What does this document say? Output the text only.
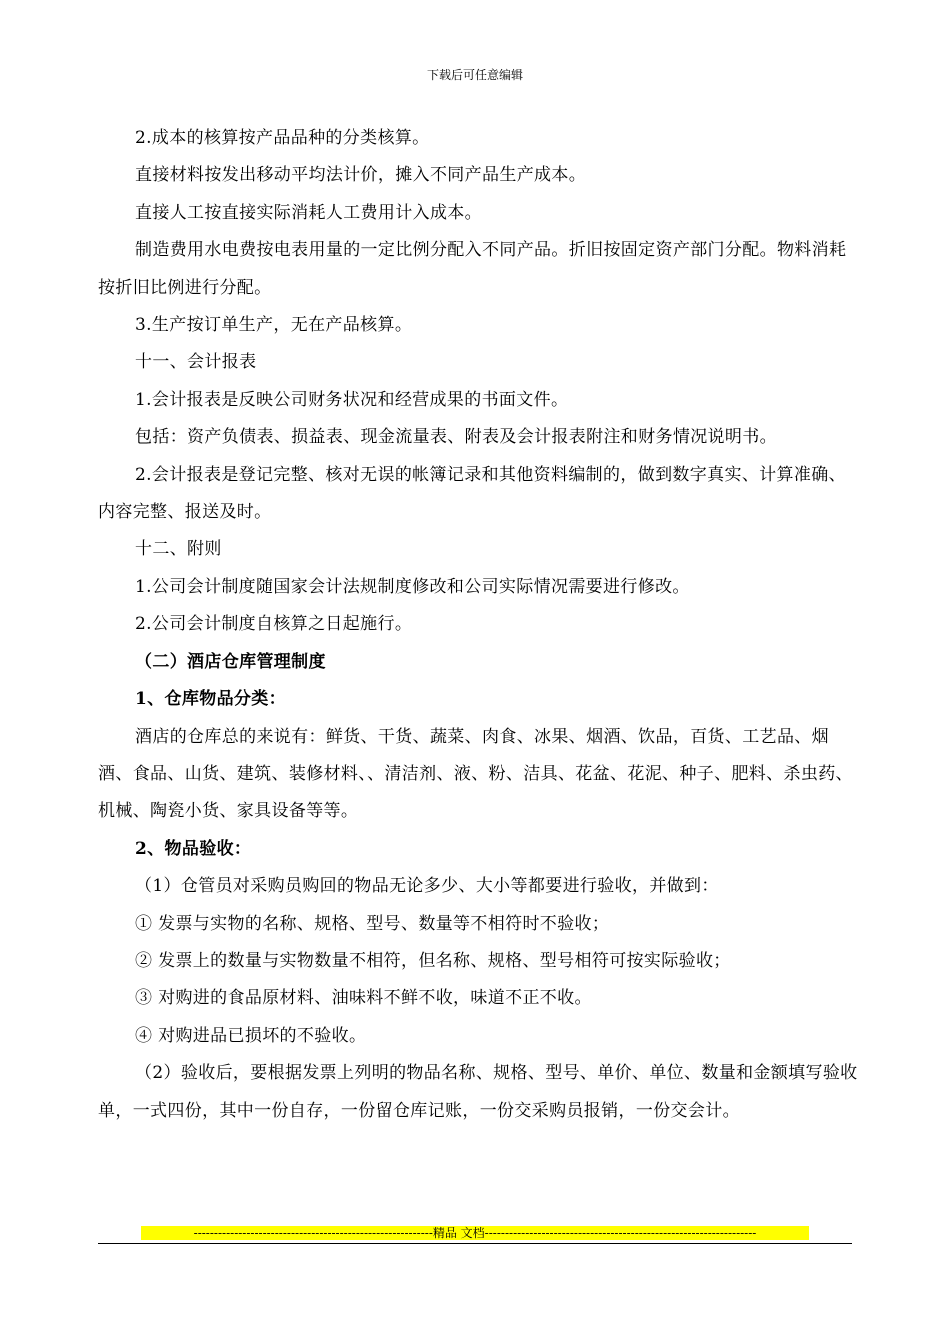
下载后可任意编辑

2.成本的核算按产品品种的分类核算。

直接材料按发出移动平均法计价，摊入不同产品生产成本。

直接人工按直接实际消耗人工费用计入成本。

制造费用水电费按电表用量的一定比例分配入不同产品。折旧按固定资产部门分配。物料消耗按折旧比例进行分配。

3.生产按订单生产，无在产品核算。

十一、会计报表

1.会计报表是反映公司财务状况和经营成果的书面文件。

包括：资产负债表、损益表、现金流量表、附表及会计报表附注和财务情况说明书。

2.会计报表是登记完整、核对无误的帐簿记录和其他资料编制的，做到数字真实、计算准确、内容完整、报送及时。

十二、附则

1.公司会计制度随国家会计法规制度修改和公司实际情况需要进行修改。

2.公司会计制度自核算之日起施行。

（二）酒店仓库管理制度

1、仓库物品分类：

酒店的仓库总的来说有：鲜货、干货、蔬菜、肉食、冰果、烟酒、饮品，百货、工艺品、烟酒、食品、山货、建筑、装修材料、、清洁剂、液、粉、洁具、花盆、花泥、种子、肥料、杀虫药、机械、陶瓷小货、家具设备等等。

2、物品验收：

（1）仓管员对采购员购回的物品无论多少、大小等都要进行验收，并做到：

① 发票与实物的名称、规格、型号、数量等不相符时不验收；

② 发票上的数量与实物数量不相符，但名称、规格、型号相符可按实际验收；

③ 对购进的食品原材料、油味料不鲜不收，味道不正不收。

④ 对购进品已损坏的不验收。

（2）验收后，要根据发票上列明的物品名称、规格、型号、单价、单位、数量和金额填写验收单，一式四份，其中一份自存，一份留仓库记账，一份交采购员报销，一份交会计。

-----------------------------------------------------------精品 文档-------------------------------------------------------------------
